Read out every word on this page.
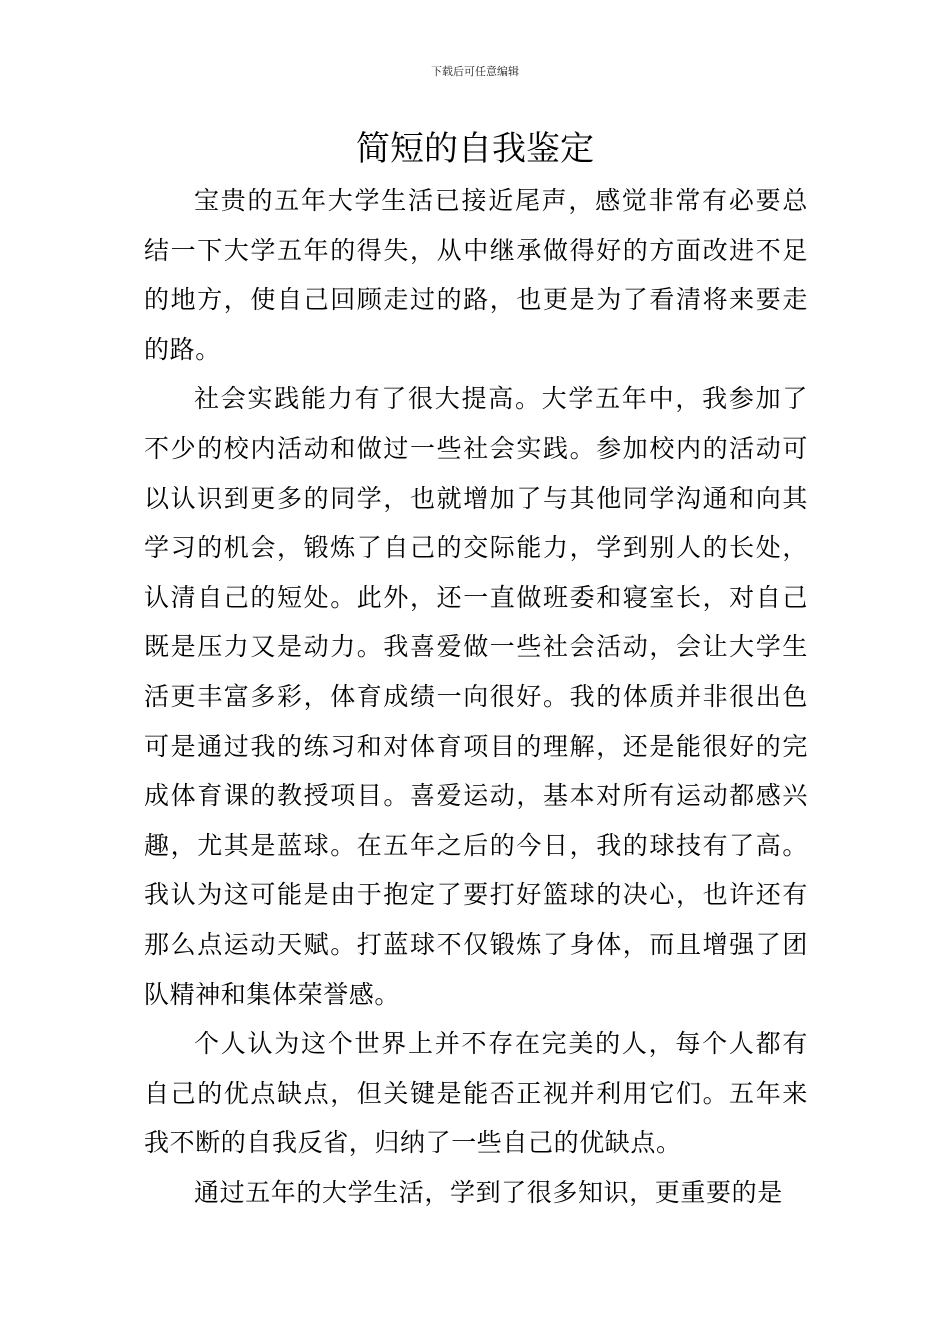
下载后可任意编辑
简短的自我鉴定

宝贵的五年大学生活已接近尾声，感觉非常有必要总结一下大学五年的得失，从中继承做得好的方面改进不足的地方，使自己回顾走过的路，也更是为了看清将来要走的路。

社会实践能力有了很大提高。大学五年中，我参加了不少的校内活动和做过一些社会实践。参加校内的活动可以认识到更多的同学，也就增加了与其他同学沟通和向其学习的机会，锻炼了自己的交际能力，学到别人的长处，认清自己的短处。此外，还一直做班委和寝室长，对自己既是压力又是动力。我喜爱做一些社会活动，会让大学生活更丰富多彩，体育成绩一向很好。我的体质并非很出色可是通过我的练习和对体育项目的理解，还是能很好的完成体育课的教授项目。喜爱运动，基本对所有运动都感兴趣，尤其是蓝球。在五年之后的今日，我的球技有了高。我认为这可能是由于抱定了要打好篮球的决心，也许还有那么点运动天赋。打蓝球不仅锻炼了身体，而且增强了团队精神和集体荣誉感。

个人认为这个世界上并不存在完美的人，每个人都有自己的优点缺点，但关键是能否正视并利用它们。五年来我不断的自我反省，归纳了一些自己的优缺点。

通过五年的大学生活，学到了很多知识，更重要的是
